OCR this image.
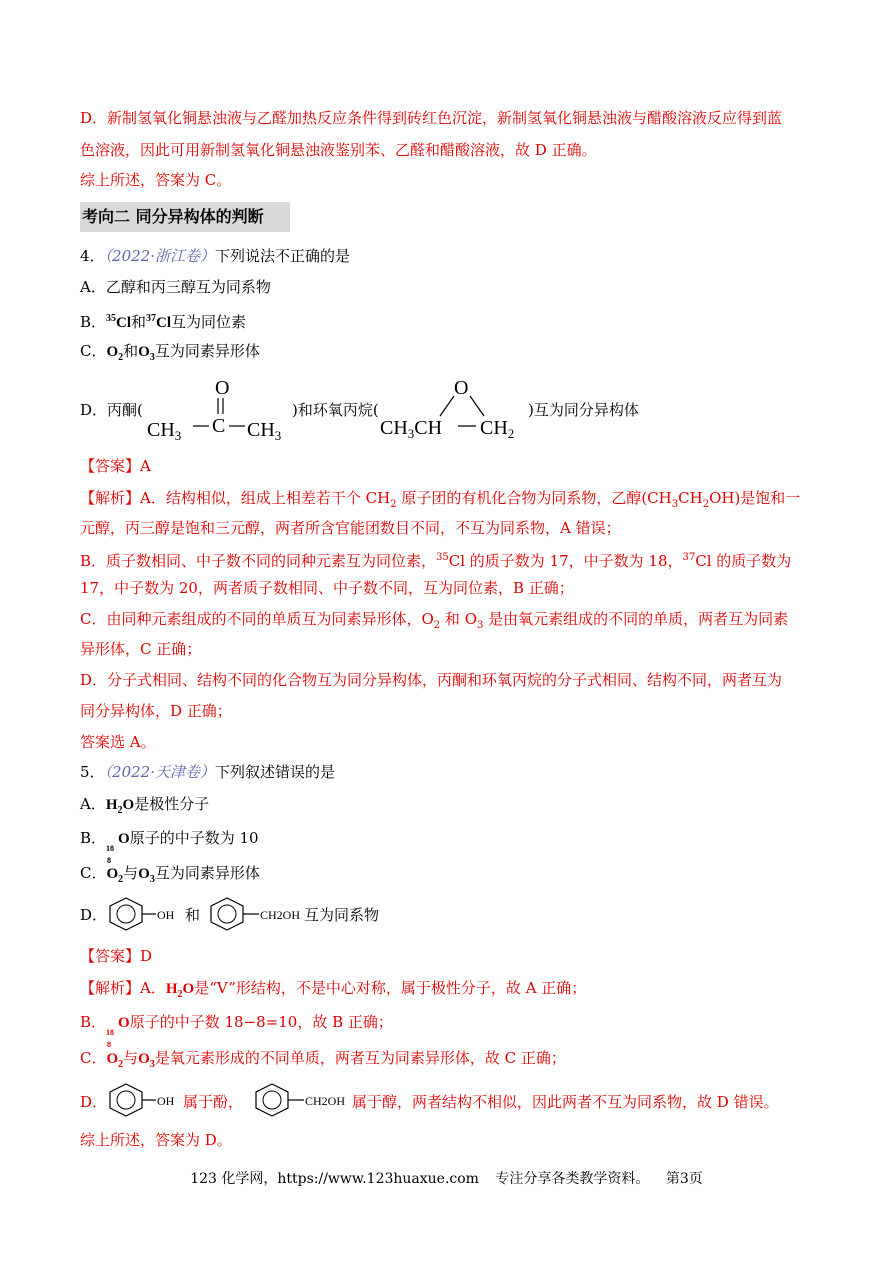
D．新制氢氧化铜悬浊液与乙醛加热反应条件得到砖红色沉淀，新制氢氧化铜悬浊液与醋酸溶液反应得到蓝
色溶液，因此可用新制氢氧化铜悬浊液鉴别苯、乙醛和醋酸溶液，故 D 正确。
综上所述，答案为 C。
考向二 同分异构体的判断
4．（2022·浙江卷）下列说法不正确的是
A．乙醇和丙三醇互为同系物
B．$^{35}$Cl和$^{37}$Cl互为同位素
C．$O_2$和$O_3$互为同素异形体
D．丙酮(
O
$CH_3$ C $CH_3$
)和环氧丙烷(
O
$CH_3CH$ $CH_2$
)互为同分异构体
【答案】A
【解析】A．结构相似，组成上相差若干个 $CH_2$ 原子团的有机化合物为同系物，乙醇$(CH_3CH_2OH)$是饱和一
元醇，丙三醇是饱和三元醇，两者所含官能团数目不同，不互为同系物，A 错误；
B．质子数相同、中子数不同的同种元素互为同位素，$^{35}$Cl 的质子数为 17，中子数为 18，$^{37}$Cl 的质子数为
17，中子数为 20，两者质子数相同、中子数不同，互为同位素，B 正确；
C．由同种元素组成的不同的单质互为同素异形体，$O_2$ 和 $O_3$ 是由氧元素组成的不同的单质，两者互为同素
异形体，C 正确；
D．分子式相同、结构不同的化合物互为同分异构体，丙酮和环氧丙烷的分子式相同、结构不同，两者互为
同分异构体，D 正确；
答案选 A。
5．（2022·天津卷）下列叙述错误的是
A．$H_2O$是极性分子
B．
18
8
O原子的中子数为 10
C．$O_2$与$O_3$互为同素异形体
D．	OH 和	CH2OH 互为同系物
【答案】D
【解析】A．$H_2O$是“V”形结构，不是中心对称，属于极性分子，故 A 正确；
B．
18
8
O原子的中子数 18−8=10，故 B 正确；
C．$O_2$与$O_3$是氧元素形成的不同单质，两者互为同素异形体，故 C 正确；
D．	OH 属于酚，	CH2OH 属于醇，两者结构不相似，因此两者不互为同系物，故 D 错误。
综上所述，答案为 D。
123 化学网，https://www.123huaxue.com 专注分享各类教学资料。 第3页
